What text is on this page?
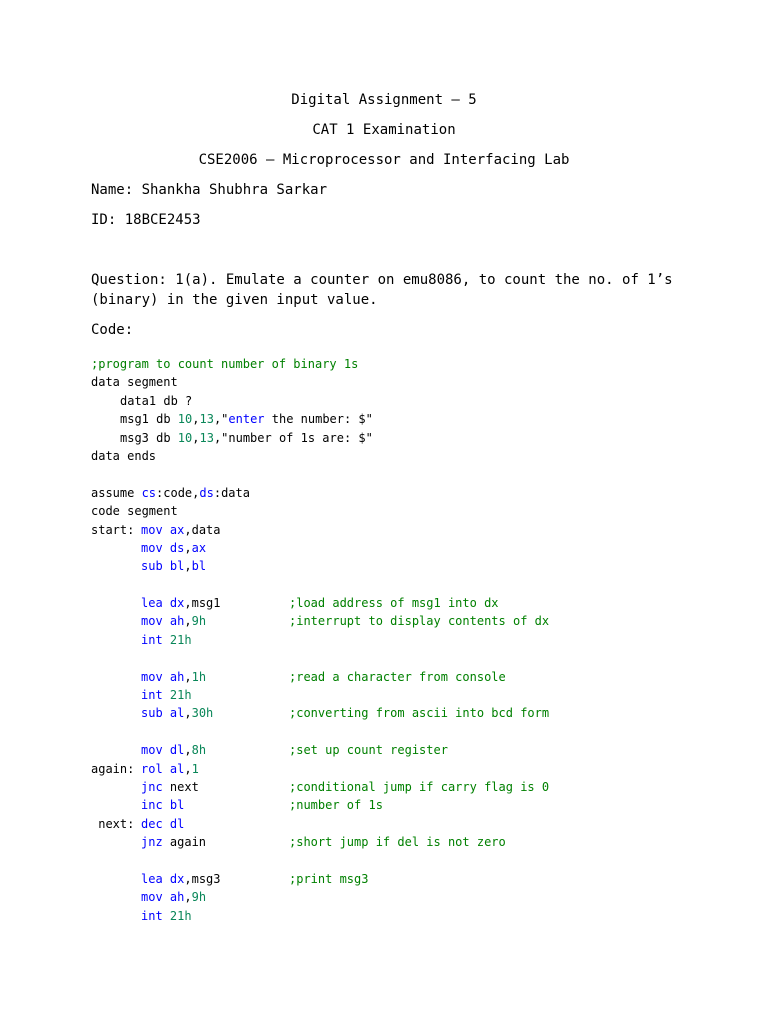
Digital Assignment – 5
CAT 1 Examination
CSE2006 – Microprocessor and Interfacing Lab
Name: Shankha Shubhra Sarkar
ID: 18BCE2453
Question: 1(a). Emulate a counter on emu8086, to count the no. of 1’s
(binary) in the given input value.
Code:
;program to count number of binary 1s
data segment
data1 db ?
msg1 db 10,13,"enter the number: $"
msg3 db 10,13,"number of 1s are: $"
data ends
assume cs:code,ds:data
code segment
start: mov ax,data
mov ds,ax
sub bl,bl
lea dx,msg1	;load address of msg1 into dx
mov ah,9h	;interrupt to display contents of dx
int 21h
mov ah,1h	;read a character from console
int 21h
sub al,30h	;converting from ascii into bcd form
mov dl,8h	;set up count register
again: rol al,1
jnc next	;conditional jump if carry flag is 0
inc bl	;number of 1s
next: dec dl
jnz again	;short jump if del is not zero
lea dx,msg3	;print msg3
mov ah,9h
int 21h
